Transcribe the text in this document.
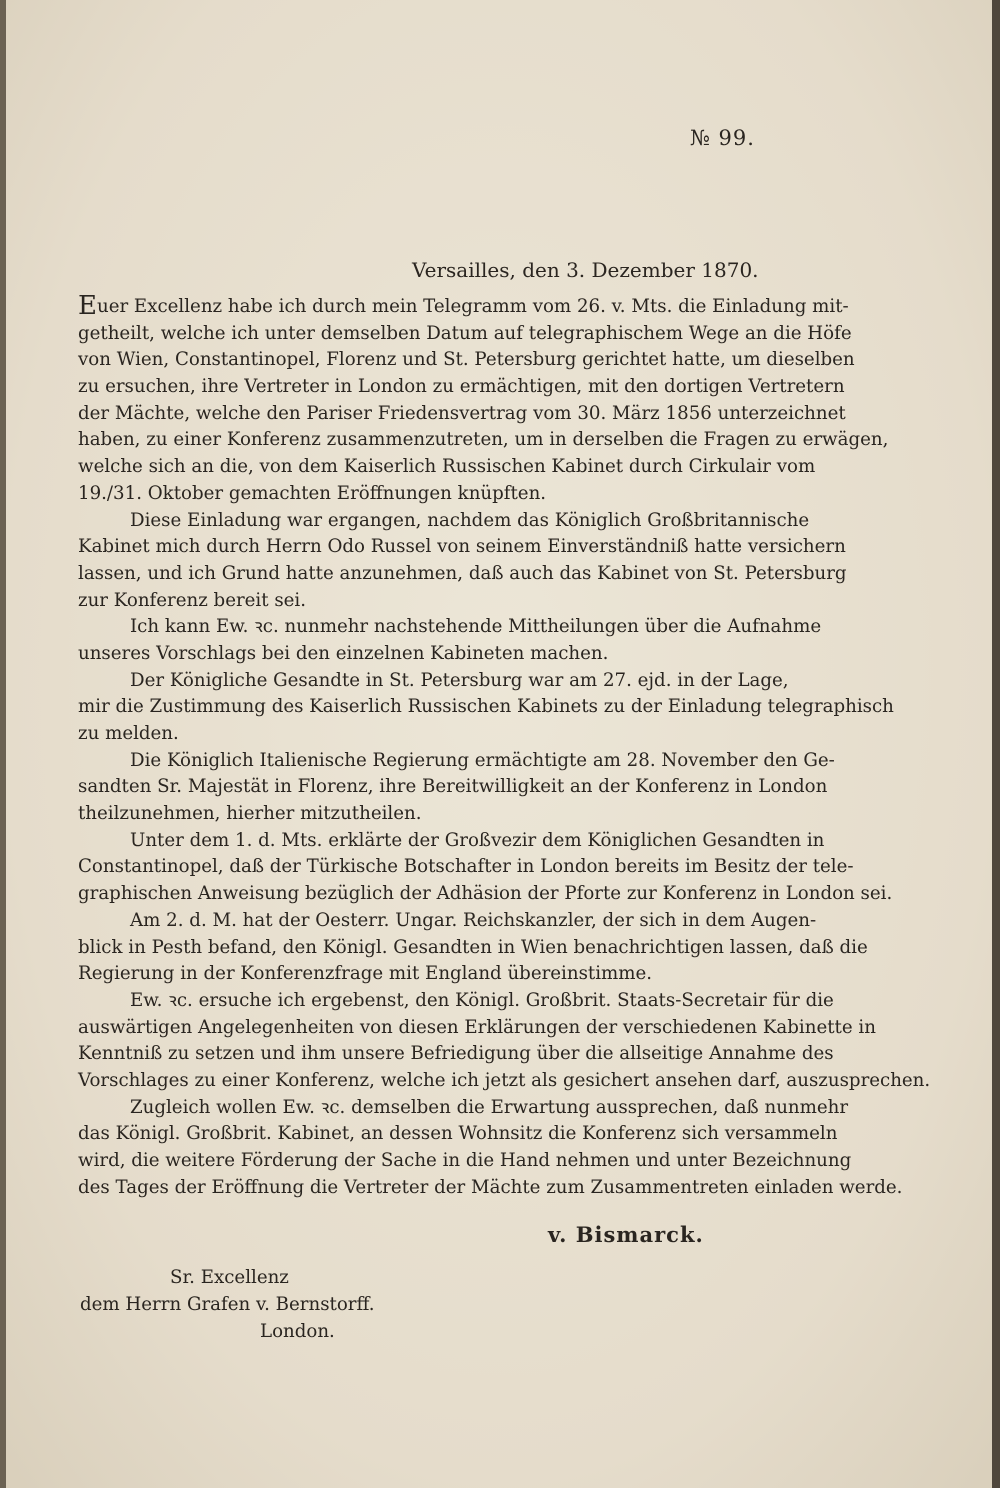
№ 99.
Versailles, den 3. Dezember 1870.
Euer Excellenz habe ich durch mein Telegramm vom 26. v. Mts. die Einladung mit-
getheilt, welche ich unter demselben Datum auf telegraphischem Wege an die Höfe
von Wien, Constantinopel, Florenz und St. Petersburg gerichtet hatte, um dieselben
zu ersuchen, ihre Vertreter in London zu ermächtigen, mit den dortigen Vertretern
der Mächte, welche den Pariser Friedensvertrag vom 30. März 1856 unterzeichnet
haben, zu einer Konferenz zusammenzutreten, um in derselben die Fragen zu erwägen,
welche sich an die, von dem Kaiserlich Russischen Kabinet durch Cirkulair vom
19./31. Oktober gemachten Eröffnungen knüpften.
Diese Einladung war ergangen, nachdem das Königlich Großbritannische
Kabinet mich durch Herrn Odo Russel von seinem Einverständniß hatte versichern
lassen, und ich Grund hatte anzunehmen, daß auch das Kabinet von St. Petersburg
zur Konferenz bereit sei.
Ich kann Ew. ꝛc. nunmehr nachstehende Mittheilungen über die Aufnahme
unseres Vorschlags bei den einzelnen Kabineten machen.
Der Königliche Gesandte in St. Petersburg war am 27. ejd. in der Lage,
mir die Zustimmung des Kaiserlich Russischen Kabinets zu der Einladung telegraphisch
zu melden.
Die Königlich Italienische Regierung ermächtigte am 28. November den Ge-
sandten Sr. Majestät in Florenz, ihre Bereitwilligkeit an der Konferenz in London
theilzunehmen, hierher mitzutheilen.
Unter dem 1. d. Mts. erklärte der Großvezir dem Königlichen Gesandten in
Constantinopel, daß der Türkische Botschafter in London bereits im Besitz der tele-
graphischen Anweisung bezüglich der Adhäsion der Pforte zur Konferenz in London sei.
Am 2. d. M. hat der Oesterr. Ungar. Reichskanzler, der sich in dem Augen-
blick in Pesth befand, den Königl. Gesandten in Wien benachrichtigen lassen, daß die
Regierung in der Konferenzfrage mit England übereinstimme.
Ew. ꝛc. ersuche ich ergebenst, den Königl. Großbrit. Staats-Secretair für die
auswärtigen Angelegenheiten von diesen Erklärungen der verschiedenen Kabinette in
Kenntniß zu setzen und ihm unsere Befriedigung über die allseitige Annahme des
Vorschlages zu einer Konferenz, welche ich jetzt als gesichert ansehen darf, auszusprechen.
Zugleich wollen Ew. ꝛc. demselben die Erwartung aussprechen, daß nunmehr
das Königl. Großbrit. Kabinet, an dessen Wohnsitz die Konferenz sich versammeln
wird, die weitere Förderung der Sache in die Hand nehmen und unter Bezeichnung
des Tages der Eröffnung die Vertreter der Mächte zum Zusammentreten einladen werde.
v. Bismarck.
Sr. Excellenz
dem Herrn Grafen v. Bernstorff.
London.
